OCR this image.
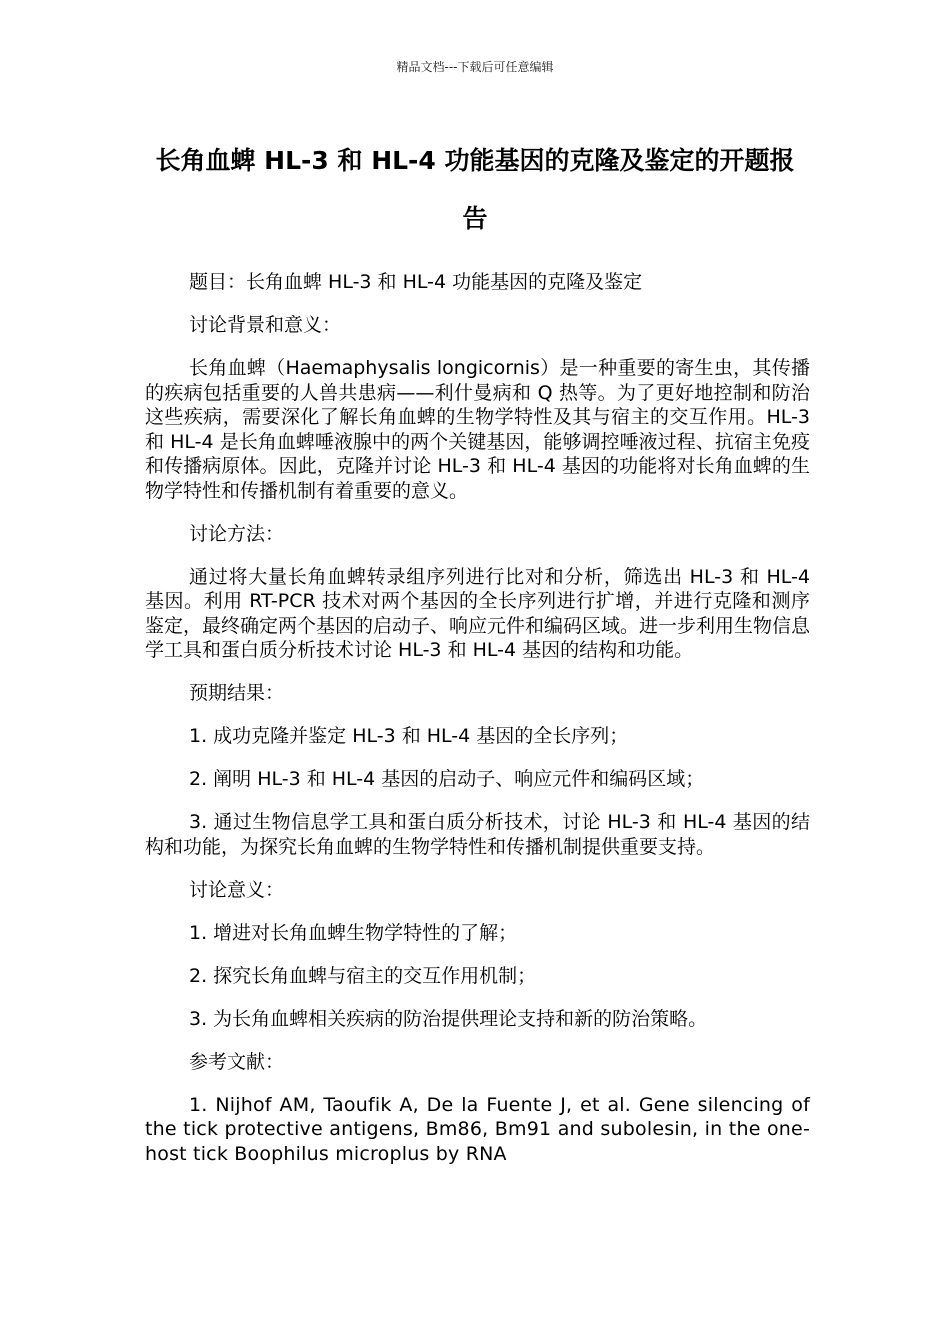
精品文档---下载后可任意编辑
长角血蜱 HL-3 和 HL-4 功能基因的克隆及鉴定的开题报告

题目：长角血蜱 HL-3 和 HL-4 功能基因的克隆及鉴定

讨论背景和意义：

长角血蜱（Haemaphysalis longicornis）是一种重要的寄生虫，其传播的疾病包括重要的人兽共患病——利什曼病和 Q 热等。为了更好地控制和防治这些疾病，需要深化了解长角血蜱的生物学特性及其与宿主的交互作用。HL-3 和 HL-4 是长角血蜱唾液腺中的两个关键基因，能够调控唾液过程、抗宿主免疫和传播病原体。因此，克隆并讨论 HL-3 和 HL-4 基因的功能将对长角血蜱的生物学特性和传播机制有着重要的意义。

讨论方法：

通过将大量长角血蜱转录组序列进行比对和分析，筛选出 HL-3 和 HL-4 基因。利用 RT-PCR 技术对两个基因的全长序列进行扩增，并进行克隆和测序鉴定，最终确定两个基因的启动子、响应元件和编码区域。进一步利用生物信息学工具和蛋白质分析技术讨论 HL-3 和 HL-4 基因的结构和功能。

预期结果：

1. 成功克隆并鉴定 HL-3 和 HL-4 基因的全长序列；

2. 阐明 HL-3 和 HL-4 基因的启动子、响应元件和编码区域；

3. 通过生物信息学工具和蛋白质分析技术，讨论 HL-3 和 HL-4 基因的结构和功能，为探究长角血蜱的生物学特性和传播机制提供重要支持。

讨论意义：

1. 增进对长角血蜱生物学特性的了解；

2. 探究长角血蜱与宿主的交互作用机制；

3. 为长角血蜱相关疾病的防治提供理论支持和新的防治策略。

参考文献：

1. Nijhof AM, Taoufik A, De la Fuente J, et al. Gene silencing of the tick protective antigens, Bm86, Bm91 and subolesin, in the one-host tick Boophilus microplus by RNA
